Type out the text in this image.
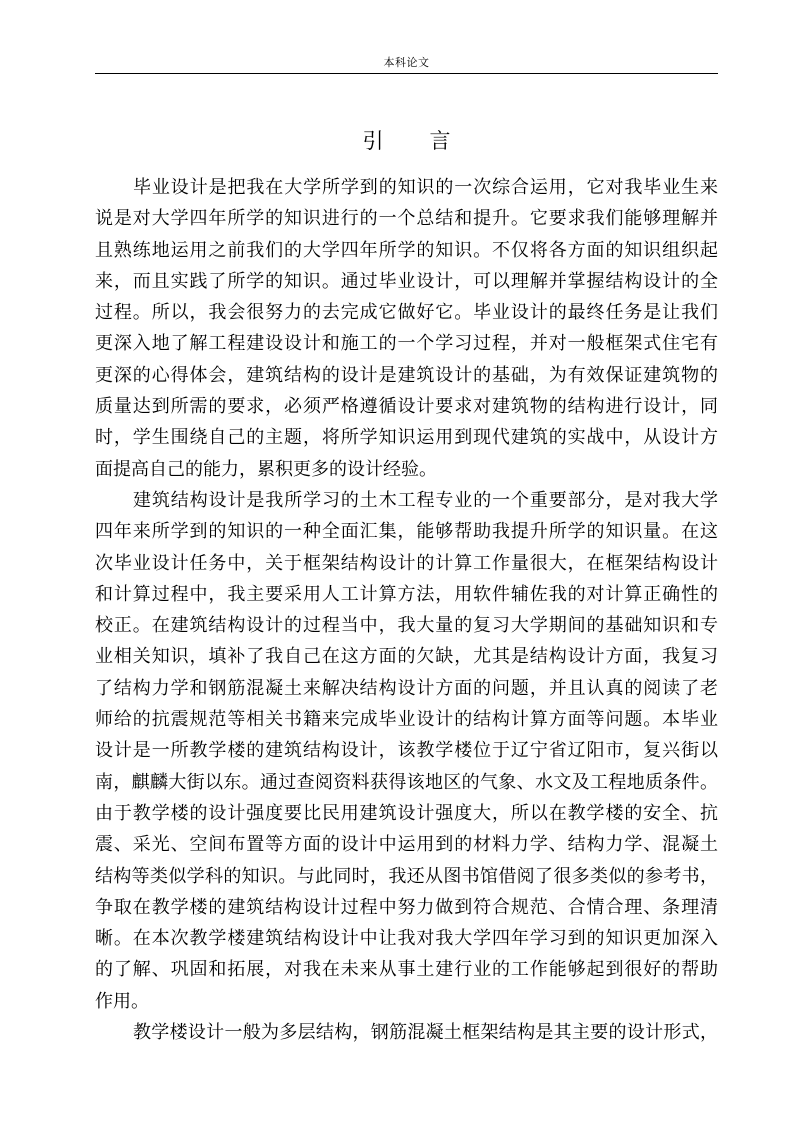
本科论文
引 言
毕业设计是把我在大学所学到的知识的一次综合运用，它对我毕业生来
说是对大学四年所学的知识进行的一个总结和提升。它要求我们能够理解并
且熟练地运用之前我们的大学四年所学的知识。不仅将各方面的知识组织起
来，而且实践了所学的知识。通过毕业设计，可以理解并掌握结构设计的全
过程。所以，我会很努力的去完成它做好它。毕业设计的最终任务是让我们
更深入地了解工程建设设计和施工的一个学习过程，并对一般框架式住宅有
更深的心得体会，建筑结构的设计是建筑设计的基础，为有效保证建筑物的
质量达到所需的要求，必须严格遵循设计要求对建筑物的结构进行设计，同
时，学生围绕自己的主题，将所学知识运用到现代建筑的实战中，从设计方
面提高自己的能力，累积更多的设计经验。
建筑结构设计是我所学习的土木工程专业的一个重要部分，是对我大学
四年来所学到的知识的一种全面汇集，能够帮助我提升所学的知识量。在这
次毕业设计任务中，关于框架结构设计的计算工作量很大，在框架结构设计
和计算过程中，我主要采用人工计算方法，用软件辅佐我的对计算正确性的
校正。在建筑结构设计的过程当中，我大量的复习大学期间的基础知识和专
业相关知识，填补了我自己在这方面的欠缺，尤其是结构设计方面，我复习
了结构力学和钢筋混凝土来解决结构设计方面的问题，并且认真的阅读了老
师给的抗震规范等相关书籍来完成毕业设计的结构计算方面等问题。本毕业
设计是一所教学楼的建筑结构设计，该教学楼位于辽宁省辽阳市，复兴街以
南，麒麟大街以东。通过查阅资料获得该地区的气象、水文及工程地质条件。
由于教学楼的设计强度要比民用建筑设计强度大，所以在教学楼的安全、抗
震、采光、空间布置等方面的设计中运用到的材料力学、结构力学、混凝土
结构等类似学科的知识。与此同时，我还从图书馆借阅了很多类似的参考书，
争取在教学楼的建筑结构设计过程中努力做到符合规范、合情合理、条理清
晰。在本次教学楼建筑结构设计中让我对我大学四年学习到的知识更加深入
的了解、巩固和拓展，对我在未来从事土建行业的工作能够起到很好的帮助
作用。
教学楼设计一般为多层结构，钢筋混凝土框架结构是其主要的设计形式，
